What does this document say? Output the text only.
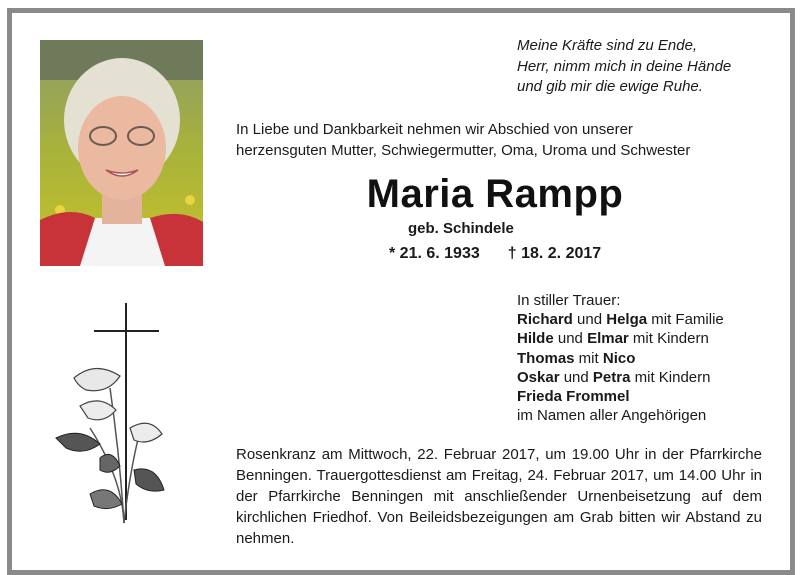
Meine Kräfte sind zu Ende,
Herr, nimm mich in deine Hände
und gib mir die ewige Ruhe.
In Liebe und Dankbarkeit nehmen wir Abschied von unserer
herzensguten Mutter, Schwiegermutter, Oma, Uroma und Schwester
Maria Rampp
geb. Schindele
* 21. 6. 1933 † 18. 2. 2017
In stiller Trauer:
Richard und Helga mit Familie
Hilde und Elmar mit Kindern
Thomas mit Nico
Oskar und Petra mit Kindern
Frieda Frommel
im Namen aller Angehörigen
Rosenkranz am Mittwoch, 22. Februar 2017, um 19.00 Uhr in der Pfarrkirche Benningen. Trauergottesdienst am Freitag, 24. Februar 2017, um 14.00 Uhr in der Pfarrkirche Benningen mit anschließender Urnenbeisetzung auf dem kirchlichen Friedhof. Von Beileidsbezeigungen am Grab bitten wir Abstand zu nehmen.
